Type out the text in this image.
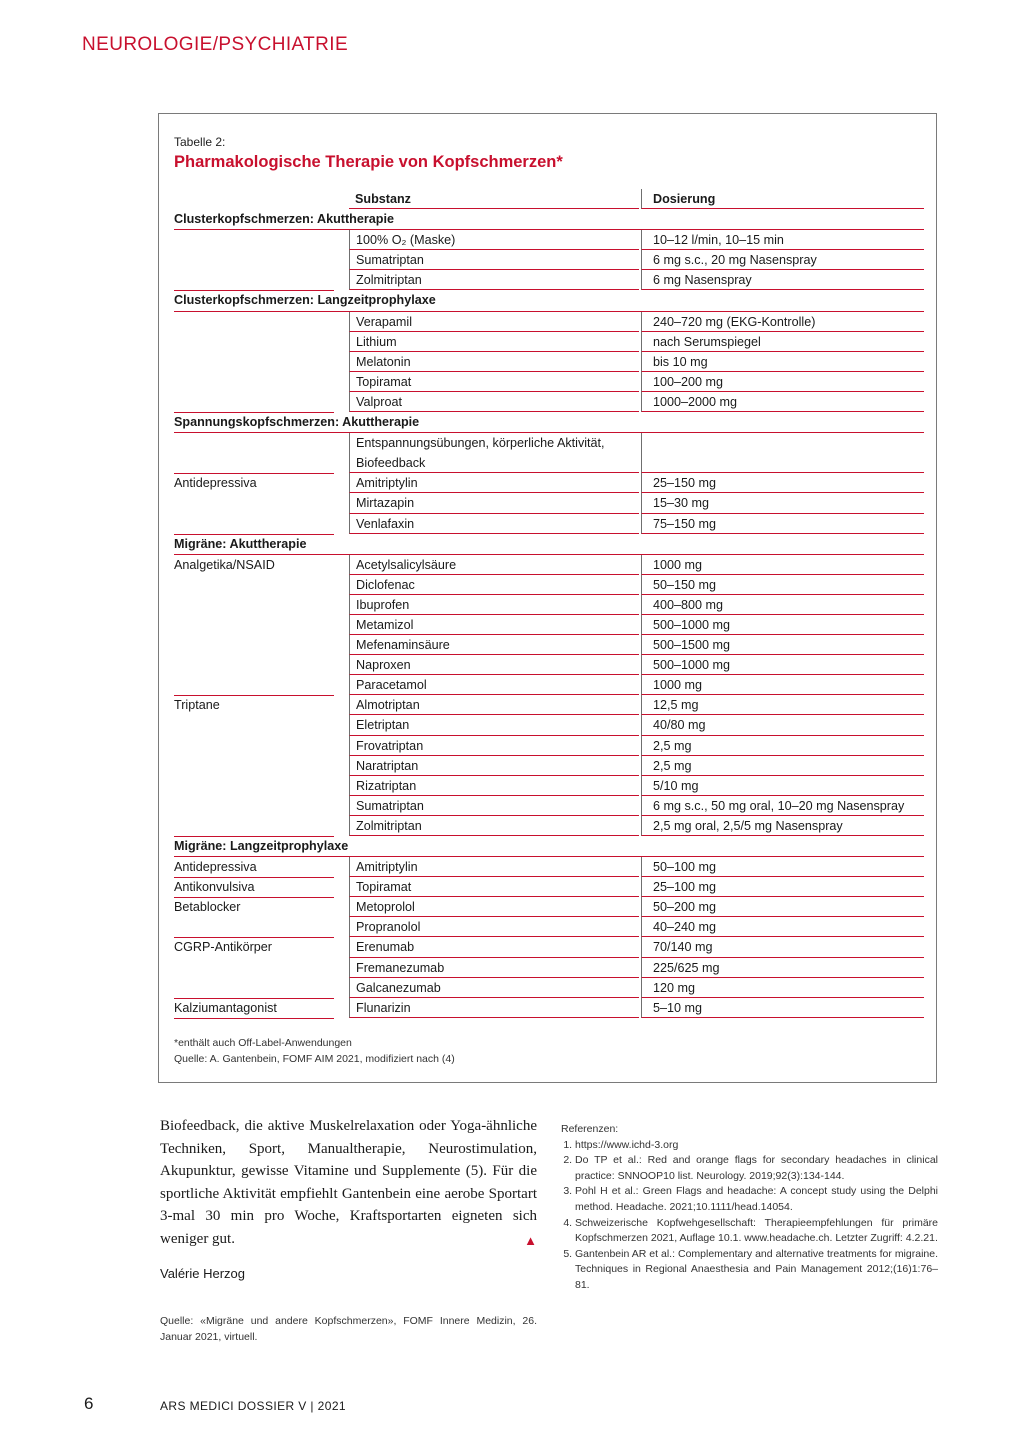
NEUROLOGIE/PSYCHIATRIE
Tabelle 2:
Pharmakologische Therapie von Kopfschmerzen*
Substanz	Dosierung
Clusterkopfschmerzen: Akuttherapie
100% O₂ (Maske)	10–12 l/min, 10–15 min
Sumatriptan	6 mg s.c., 20 mg Nasenspray
Zolmitriptan	6 mg Nasenspray
Clusterkopfschmerzen: Langzeitprophylaxe
Verapamil	240–720 mg (EKG-Kontrolle)
Lithium	nach Serumspiegel
Melatonin	bis 10 mg
Topiramat	100–200 mg
Valproat	1000–2000 mg
Spannungskopfschmerzen: Akuttherapie
Entspannungsübungen, körperliche Aktivität, Biofeedback
Antidepressiva	Amitriptylin	25–150 mg
Mirtazapin	15–30 mg
Venlafaxin	75–150 mg
Migräne: Akuttherapie
Analgetika/NSAID	Acetylsalicylsäure	1000 mg
Diclofenac	50–150 mg
Ibuprofen	400–800 mg
Metamizol	500–1000 mg
Mefenaminsäure	500–1500 mg
Naproxen	500–1000 mg
Paracetamol	1000 mg
Triptane	Almotriptan	12,5 mg
Eletriptan	40/80 mg
Frovatriptan	2,5 mg
Naratriptan	2,5 mg
Rizatriptan	5/10 mg
Sumatriptan	6 mg s.c., 50 mg oral, 10–20 mg Nasenspray
Zolmitriptan	2,5 mg oral, 2,5/5 mg Nasenspray
Migräne: Langzeitprophylaxe
Antidepressiva	Amitriptylin	50–100 mg
Antikonvulsiva	Topiramat	25–100 mg
Betablocker	Metoprolol	50–200 mg
Propranolol	40–240 mg
CGRP-Antikörper	Erenumab	70/140 mg
Fremanezumab	225/625 mg
Galcanezumab	120 mg
Kalziumantagonist	Flunarizin	5–10 mg
*enthält auch Off-Label-Anwendungen
Quelle: A. Gantenbein, FOMF AIM 2021, modifiziert nach (4)
Biofeedback, die aktive Muskelrelaxation oder Yoga-ähnliche Techniken, Sport, Manualtherapie, Neurostimulation, Akupunktur, gewisse Vitamine und Supplemente (5). Für die sportliche Aktivität empfiehlt Gantenbein eine aerobe Sportart 3-mal 30 min pro Woche, Kraftsportarten eigneten sich weniger gut.	▲
Valérie Herzog
Quelle: «Migräne und andere Kopfschmerzen», FOMF Innere Medizin, 26. Januar 2021, virtuell.
Referenzen:
1. https://www.ichd-3.org
2. Do TP et al.: Red and orange flags for secondary headaches in clinical practice: SNNOOP10 list. Neurology. 2019;92(3):134-144.
3. Pohl H et al.: Green Flags and headache: A concept study using the Delphi method. Headache. 2021;10.1111/head.14054.
4. Schweizerische Kopfwehgesellschaft: Therapieempfehlungen für primäre Kopfschmerzen 2021, Auflage 10.1. www.headache.ch. Letzter Zugriff: 4.2.21.
5. Gantenbein AR et al.: Complementary and alternative treatments for migraine. Techniques in Regional Anaesthesia and Pain Management 2012;(16)1:76–81.
6	ARS MEDICI DOSSIER V | 2021
